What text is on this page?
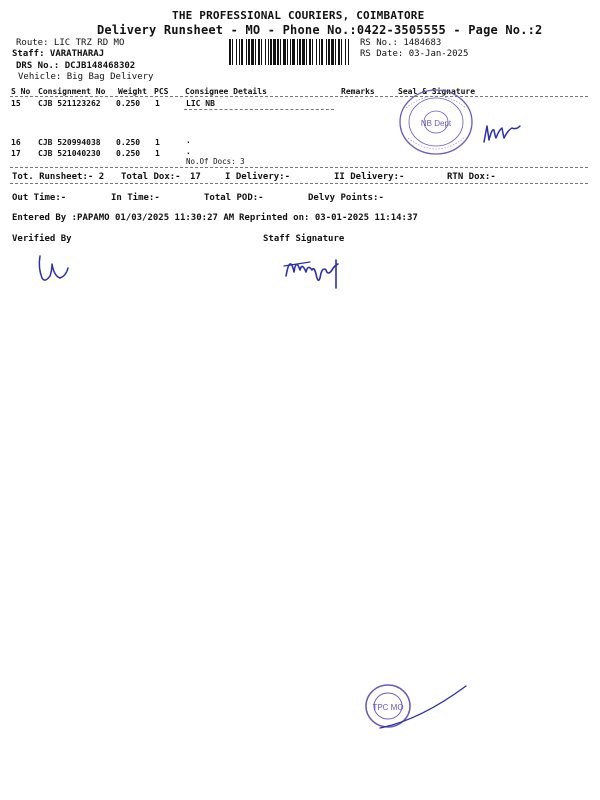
THE PROFESSIONAL COURIERS, COIMBATORE
Delivery Runsheet - MO - Phone No.:0422-3505555 - Page No.:2
Route: LIC TRZ RD MO
Staff: VARATHARAJ
DRS No.: DCJB148468302
Vehicle: Big Bag Delivery
RS No.: 1484683
RS Date: 03-Jan-2025
S No Consignment No Weight PCS Consignee Details	Remarks	Seal & Signature
15 CJB 521123262 0.250 1	LIC NB
16 CJB 520994038 0.250 1	.
17 CJB 521040230 0.250 1	.
No.Of Docs: 3
Tot. Runsheet:- 2 Total Dox:- 17	I Delivery:-	II Delivery:-	RTN Dox:-
Out Time:-	In Time:-	Total POD:-	Delvy Points:-
Entered By :PAPAMO 01/03/2025 11:30:27 AM Reprinted on: 03-01-2025 11:14:37
Verified By	Staff Signature
NB Dept
TPC MO
